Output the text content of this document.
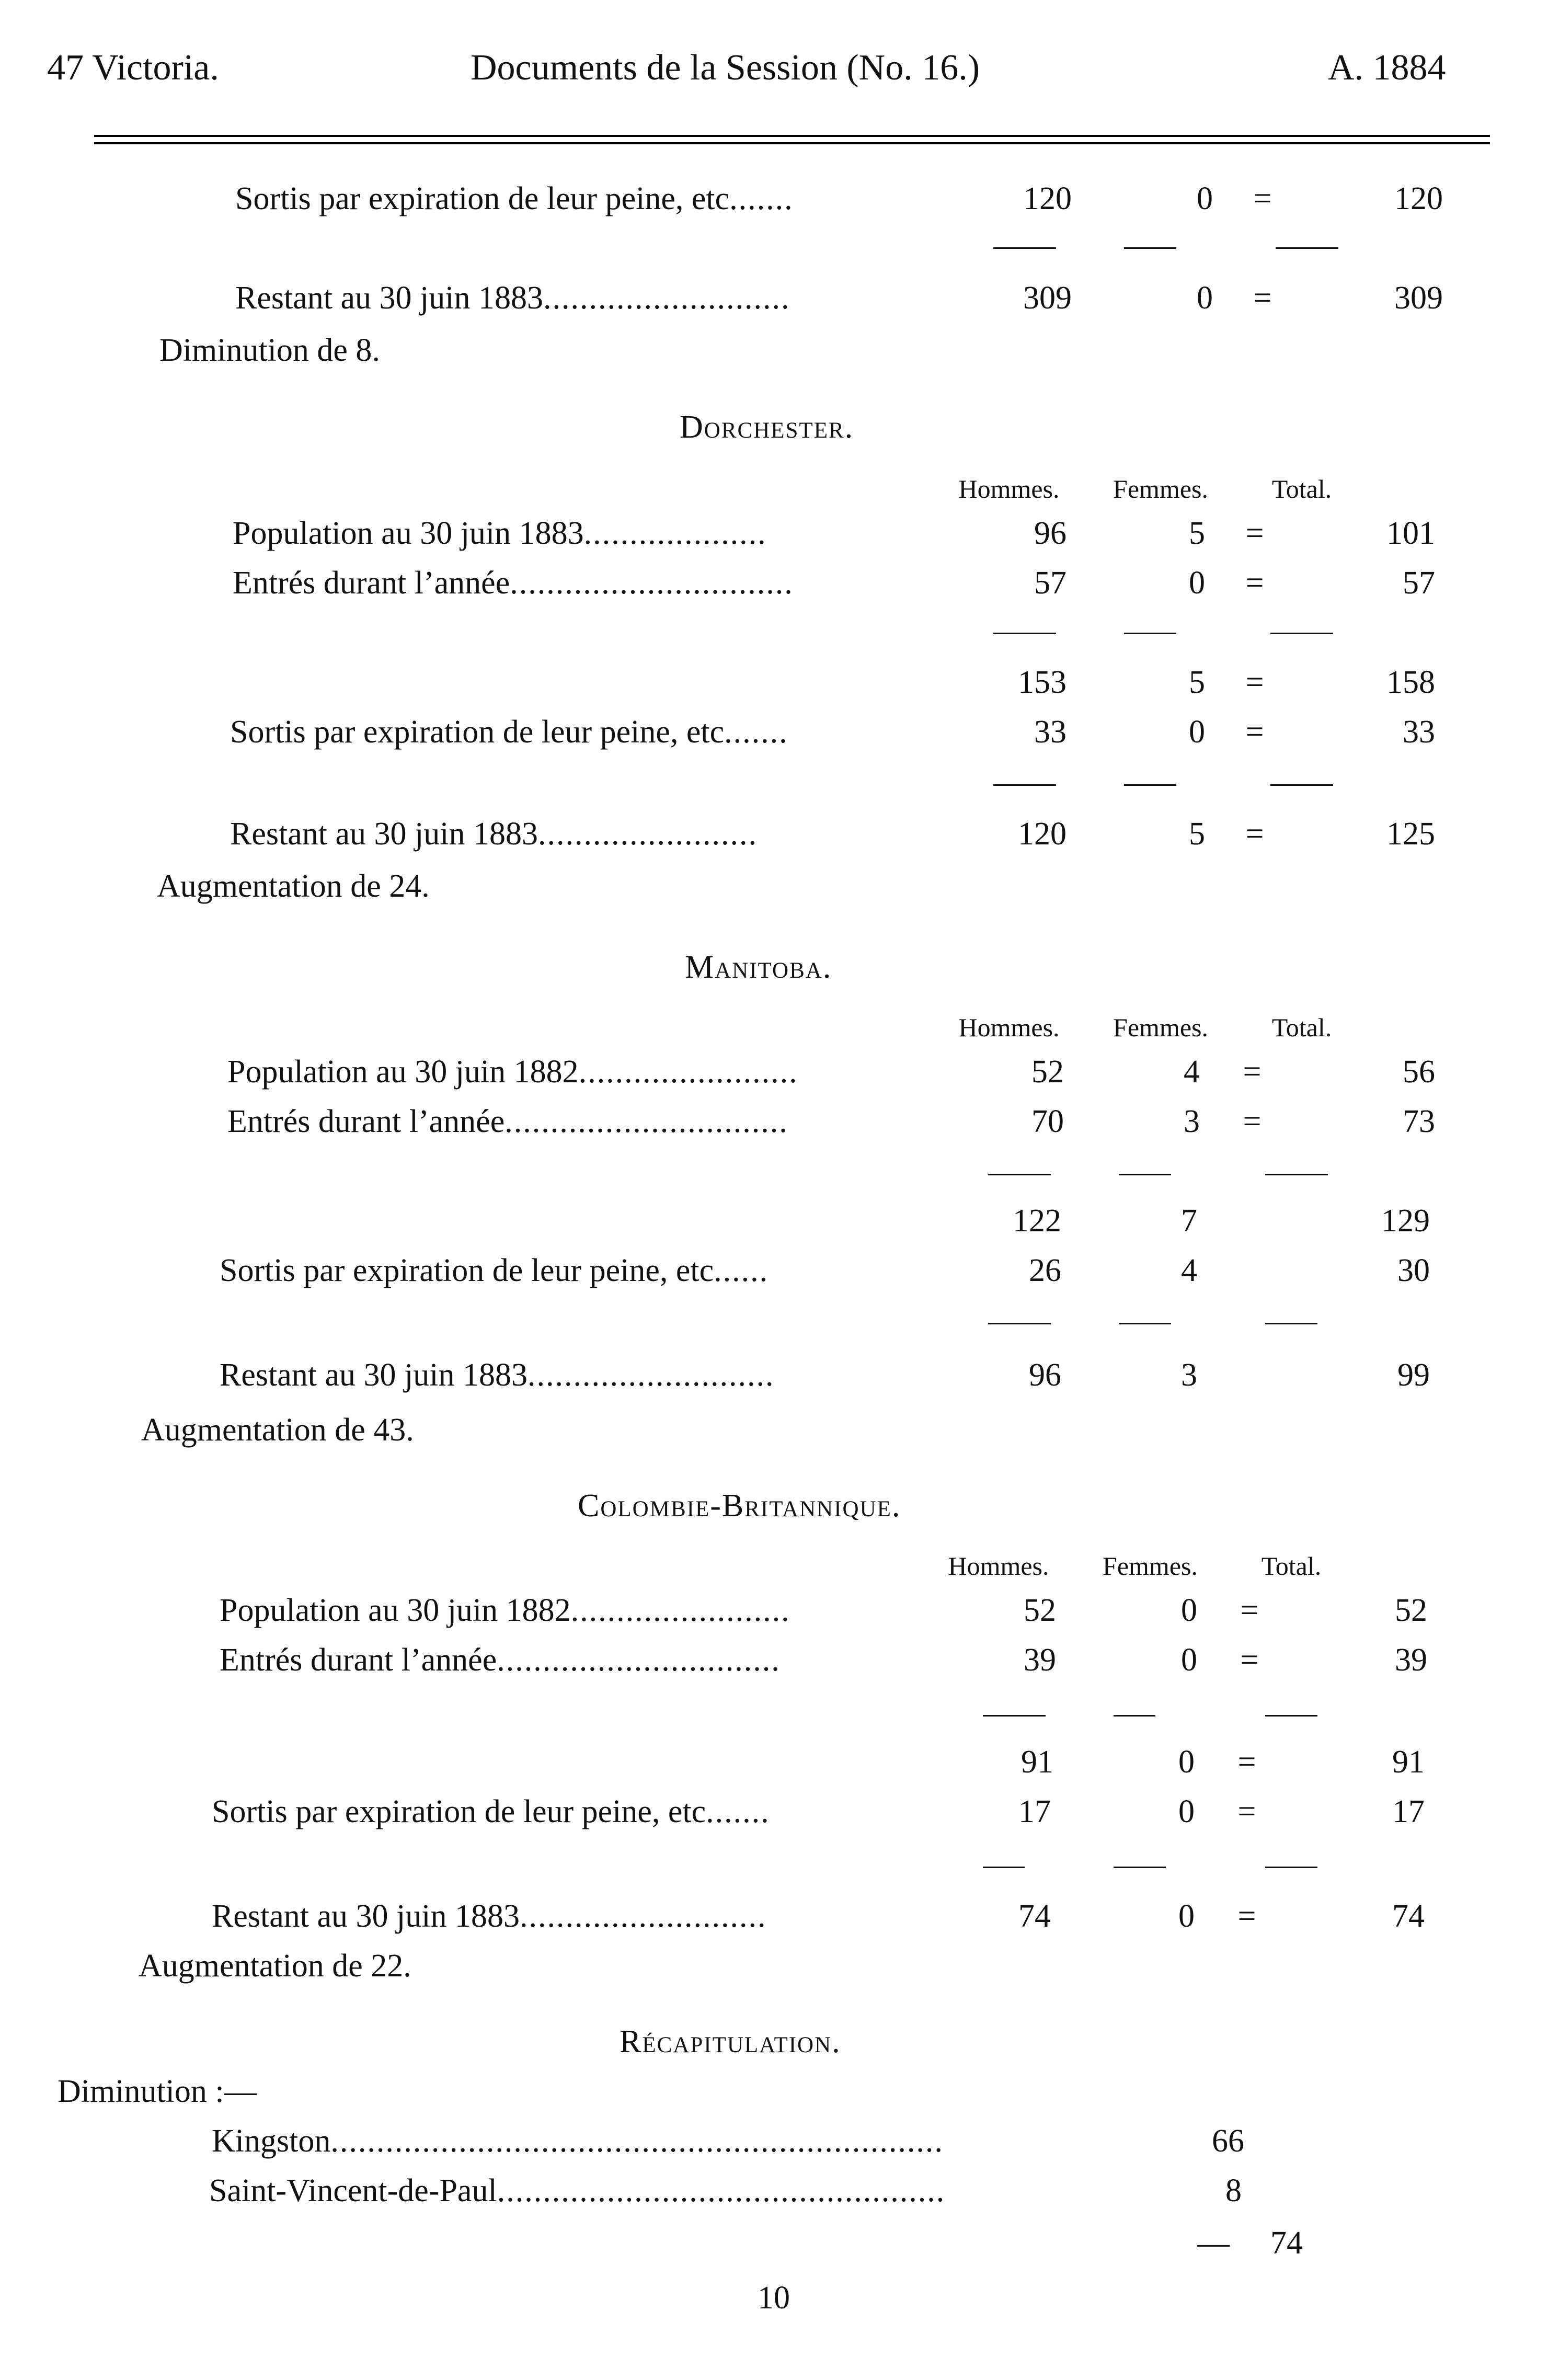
47 Victoria.	Documents de la Session (No. 16.)	A. 1884
Sortis par expiration de leur peine, etc.......	120	0	=	120
Restant au 30 juin 1883...........................	309	0	=	309
Diminution de 8.
Dorchester.
Hommes.	Femmes.	Total.
Population au 30 juin 1883....................	96	5	=	101
Entrés durant l’année...............................	57	0	=	57
153	5	=	158
Sortis par expiration de leur peine, etc.......	33	0	=	33
Restant au 30 juin 1883........................	120	5	=	125
Augmentation de 24.
Manitoba.
Hommes.	Femmes.	Total.
Population au 30 juin 1882........................	52	4	=	56
Entrés durant l’année...............................	70	3	=	73
122	7	129
Sortis par expiration de leur peine, etc......	26	4	30
Restant au 30 juin 1883...........................	96	3	99
Augmentation de 43.
Colombie-Britannique.
Hommes.	Femmes.	Total.
Population au 30 juin 1882........................	52	0	=	52
Entrés durant l’année...............................	39	0	=	39
91	0	=	91
Sortis par expiration de leur peine, etc.......	17	0	=	17
Restant au 30 juin 1883...........................	74	0	=	74
Augmentation de 22.
Récapitulation.
Diminution :—
Kingston...................................................................	66
Saint-Vincent-de-Paul.................................................	8
— 74
10
